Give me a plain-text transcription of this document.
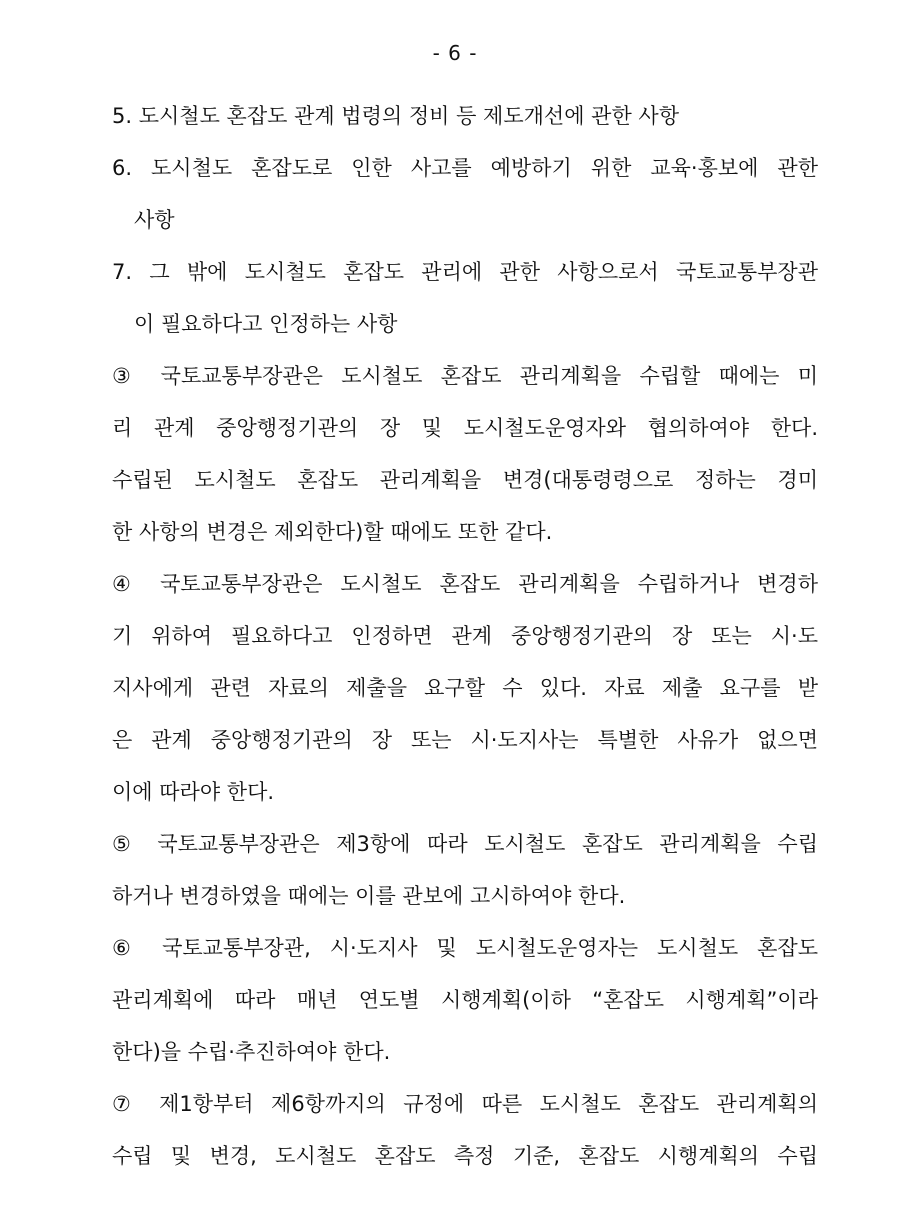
- 6 -
5. 도시철도 혼잡도 관계 법령의 정비 등 제도개선에 관한 사항
6. 도시철도 혼잡도로 인한 사고를 예방하기 위한 교육·홍보에 관한
사항
7. 그 밖에 도시철도 혼잡도 관리에 관한 사항으로서 국토교통부장관
이 필요하다고 인정하는 사항
③ 국토교통부장관은 도시철도 혼잡도 관리계획을 수립할 때에는 미
리 관계 중앙행정기관의 장 및 도시철도운영자와 협의하여야 한다.
수립된 도시철도 혼잡도 관리계획을 변경(대통령령으로 정하는 경미
한 사항의 변경은 제외한다)할 때에도 또한 같다.
④ 국토교통부장관은 도시철도 혼잡도 관리계획을 수립하거나 변경하
기 위하여 필요하다고 인정하면 관계 중앙행정기관의 장 또는 시·도
지사에게 관련 자료의 제출을 요구할 수 있다. 자료 제출 요구를 받
은 관계 중앙행정기관의 장 또는 시·도지사는 특별한 사유가 없으면
이에 따라야 한다.
⑤ 국토교통부장관은 제3항에 따라 도시철도 혼잡도 관리계획을 수립
하거나 변경하였을 때에는 이를 관보에 고시하여야 한다.
⑥ 국토교통부장관, 시·도지사 및 도시철도운영자는 도시철도 혼잡도
관리계획에 따라 매년 연도별 시행계획(이하 “혼잡도 시행계획”이라
한다)을 수립·추진하여야 한다.
⑦ 제1항부터 제6항까지의 규정에 따른 도시철도 혼잡도 관리계획의
수립 및 변경, 도시철도 혼잡도 측정 기준, 혼잡도 시행계획의 수립
